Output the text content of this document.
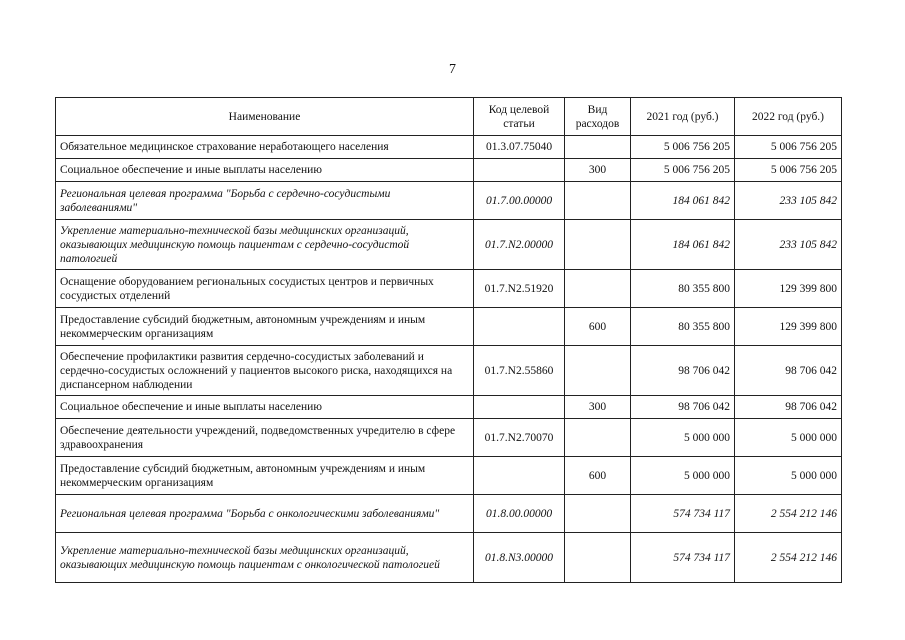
7
Наименование	Код целевой статьи	Вид расходов	2021 год (руб.)	2022 год (руб.)
Обязательное медицинское страхование неработающего населения	01.3.07.75040		5 006 756 205	5 006 756 205
Социальное обеспечение и иные выплаты населению		300	5 006 756 205	5 006 756 205
Региональная целевая программа "Борьба с сердечно-сосудистыми заболеваниями"	01.7.00.00000		184 061 842	233 105 842
Укрепление материально-технической базы медицинских организаций, оказывающих медицинскую помощь пациентам с сердечно-сосудистой патологией	01.7.N2.00000		184 061 842	233 105 842
Оснащение оборудованием региональных сосудистых центров и первичных сосудистых отделений	01.7.N2.51920		80 355 800	129 399 800
Предоставление субсидий бюджетным, автономным учреждениям и иным некоммерческим организациям		600	80 355 800	129 399 800
Обеспечение профилактики развития сердечно-сосудистых заболеваний и сердечно-сосудистых осложнений у пациентов высокого риска, находящихся на диспансерном наблюдении	01.7.N2.55860		98 706 042	98 706 042
Социальное обеспечение и иные выплаты населению		300	98 706 042	98 706 042
Обеспечение деятельности учреждений, подведомственных учредителю в сфере здравоохранения	01.7.N2.70070		5 000 000	5 000 000
Предоставление субсидий бюджетным, автономным учреждениям и иным некоммерческим организациям		600	5 000 000	5 000 000
Региональная целевая программа "Борьба с онкологическими заболеваниями"	01.8.00.00000		574 734 117	2 554 212 146
Укрепление материально-технической базы медицинских организаций, оказывающих медицинскую помощь пациентам с онкологической патологией	01.8.N3.00000		574 734 117	2 554 212 146
